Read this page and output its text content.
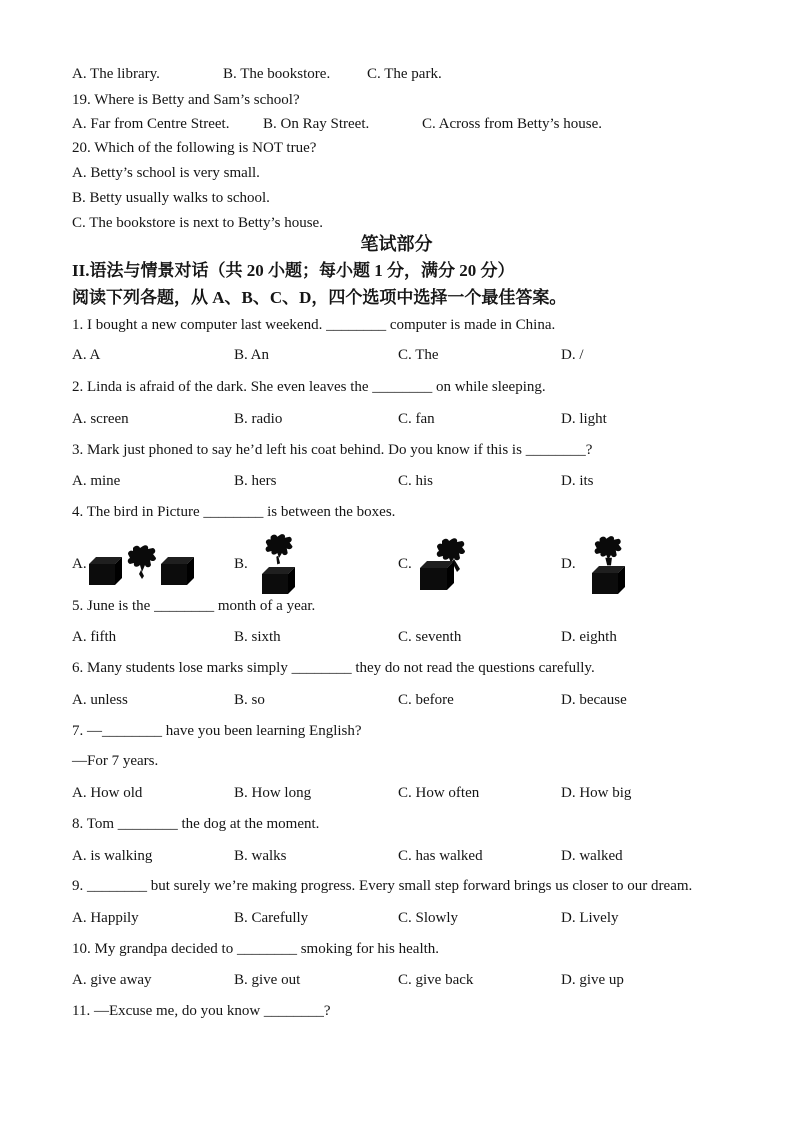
A. The library.	B. The bookstore. C. The park.
19. Where is Betty and Sam’s school?
A. Far from Centre Street. B. On Ray Street.	C. Across from Betty’s house.
20. Which of the following is NOT true?
A. Betty’s school is very small.
B. Betty usually walks to school.
C. The bookstore is next to Betty’s house.
笔试部分
II.语法与情景对话（共 20 小题；每小题 1 分，满分 20 分）
阅读下列各题，从 A、B、C、D，四个选项中选择一个最佳答案。
1. I bought a new computer last weekend. ________ computer is made in China.
A. A	B. An	C. The	D. /
2. Linda is afraid of the dark. She even leaves the ________ on while sleeping.
A. screen	B. radio	C. fan	D. light
3. Mark just phoned to say he’d left his coat behind. Do you know if this is ________?
A. mine	B. hers	C. his	D. its
4. The bird in Picture ________ is between the boxes.
A.	B.	C.	D.
5. June is the ________ month of a year.
A. fifth	B. sixth	C. seventh	D. eighth
6. Many students lose marks simply ________ they do not read the questions carefully.
A. unless	B. so	C. before	D. because
7. —________ have you been learning English?
—For 7 years.
A. How old	B. How long	C. How often	D. How big
8. Tom ________ the dog at the moment.
A. is walking	B. walks	C. has walked	D. walked
9. ________ but surely we’re making progress. Every small step forward brings us closer to our dream.
A. Happily	B. Carefully	C. Slowly	D. Lively
10. My grandpa decided to ________ smoking for his health.
A. give away	B. give out	C. give back	D. give up
11. —Excuse me, do you know ________?
